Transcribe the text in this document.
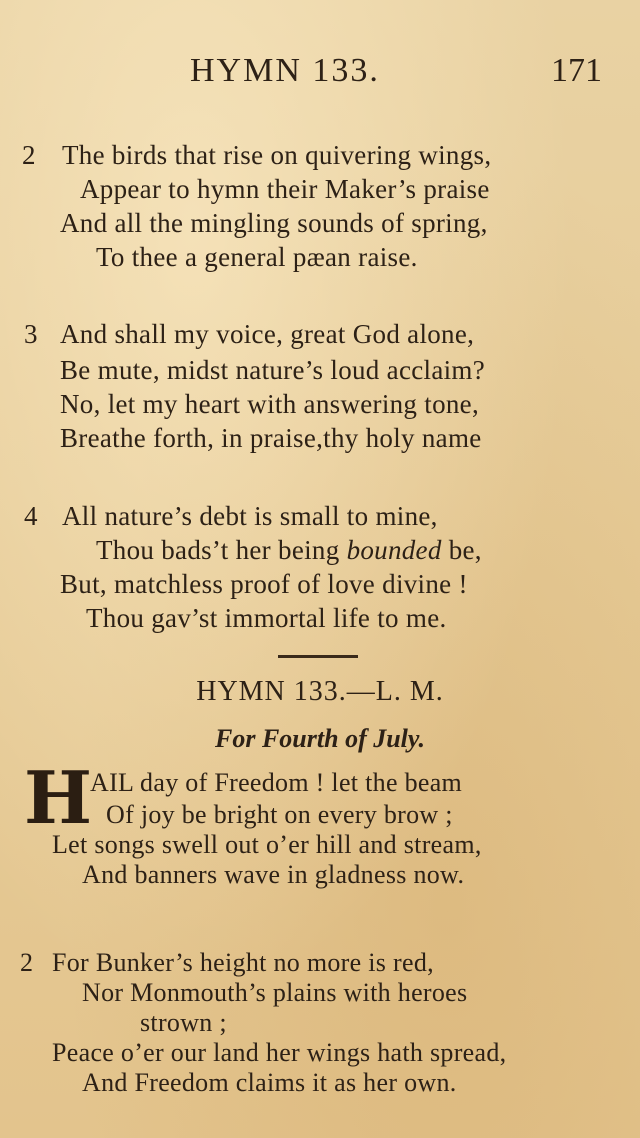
HYMN 133.	171
2 The birds that rise on quivering wings,
Appear to hymn their Maker’s praise
And all the mingling sounds of spring,
To thee a general pæan raise.
3 And shall my voice, great God alone,
Be mute, midst nature’s loud acclaim?
No, let my heart with answering tone,
Breathe forth, in praise,thy holy name
4 All nature’s debt is small to mine,
Thou bads’t her being bounded be,
But, matchless proof of love divine !
Thou gav’st immortal life to me.
HYMN 133.—L. M.
For Fourth of July.
H
AIL day of Freedom ! let the beam
Of joy be bright on every brow ;
Let songs swell out o’er hill and stream,
And banners wave in gladness now.
2 For Bunker’s height no more is red,
Nor Monmouth’s plains with heroes
strown ;
Peace o’er our land her wings hath spread,
And Freedom claims it as her own.
